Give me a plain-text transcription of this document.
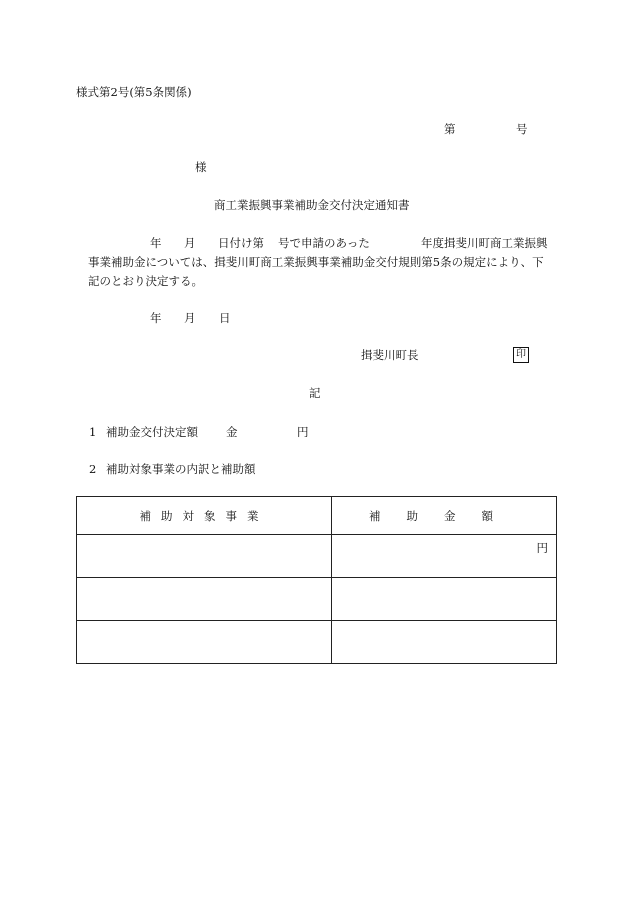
様式第2号(第5条関係)
第	号
様
商工業振興事業補助金交付決定通知書
年 月 日付け第 号で申請のあった	年度揖斐川町商工業振興
事業補助金については、揖斐川町商工業振興事業補助金交付規則第5条の規定により、下
記のとおり決定する。
年 月 日
揖斐川町長	印
記
1 補助金交付決定額 金	円
2 補助対象事業の内訳と補助額
補助対象事業	補助金額
	円
